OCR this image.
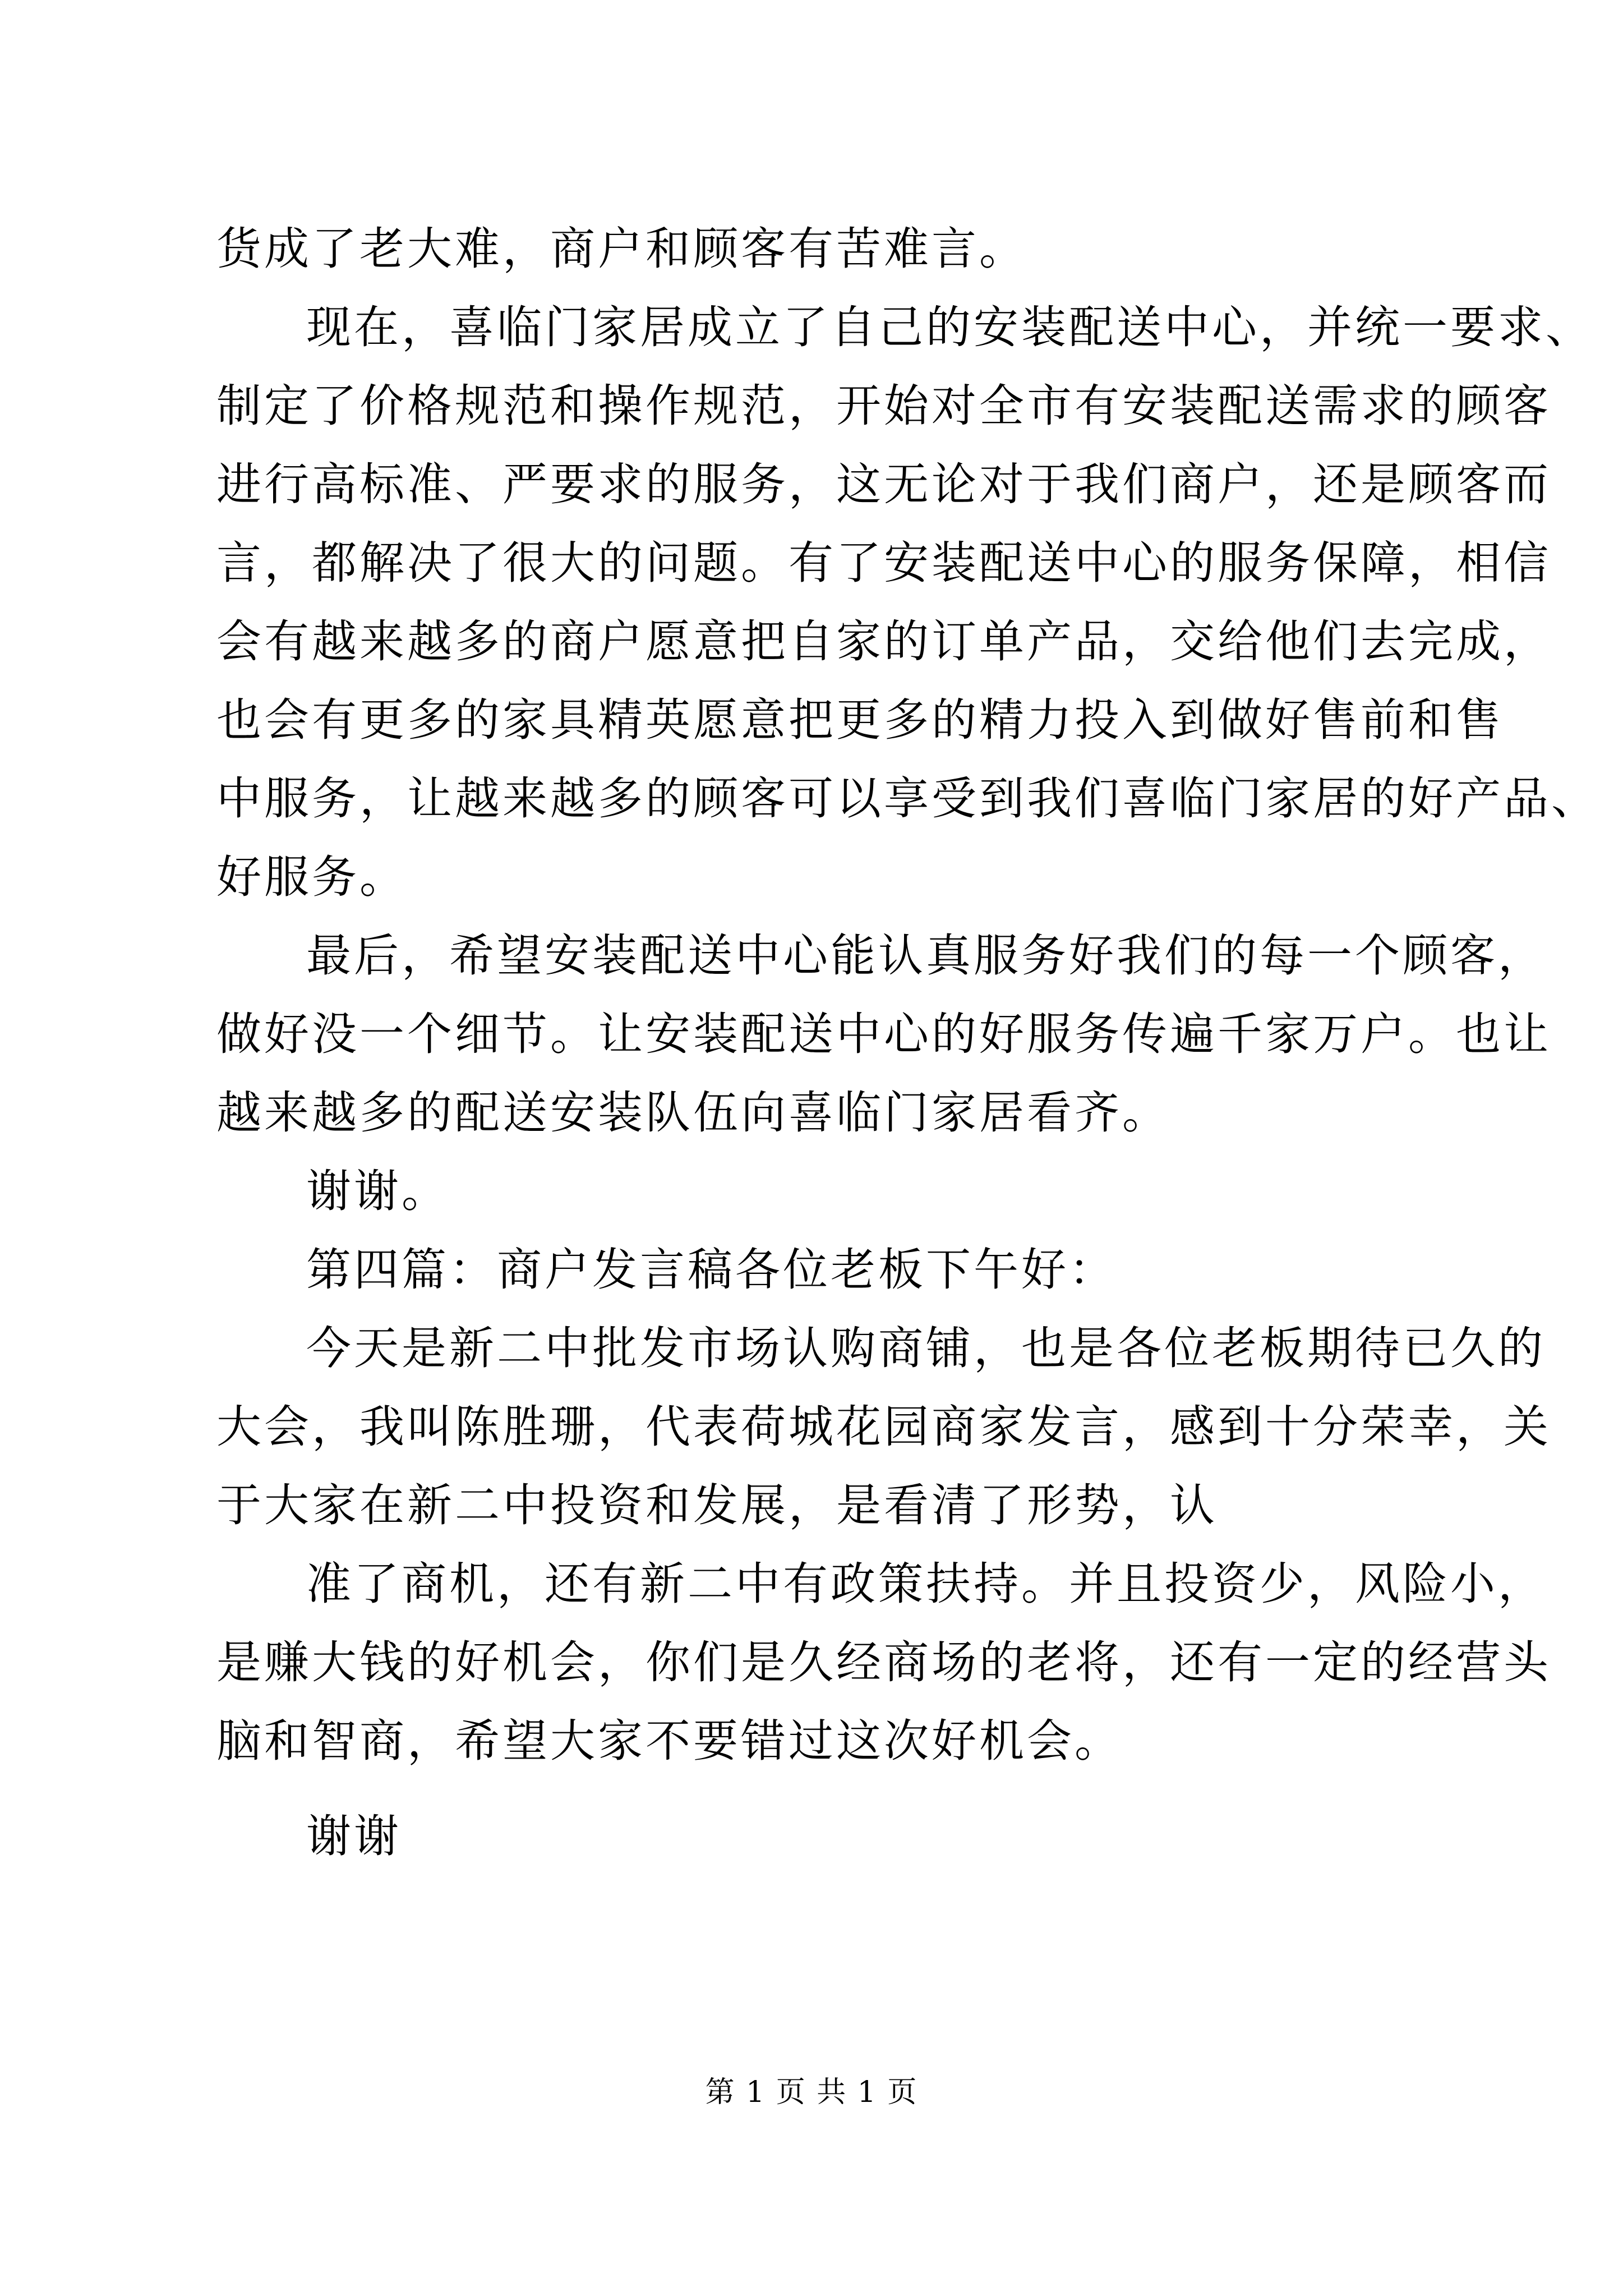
货成了老大难，商户和顾客有苦难言。
现在，喜临门家居成立了自己的安装配送中心，并统一要求、
制定了价格规范和操作规范，开始对全市有安装配送需求的顾客
进行高标准、严要求的服务，这无论对于我们商户，还是顾客而
言，都解决了很大的问题。有了安装配送中心的服务保障，相信
会有越来越多的商户愿意把自家的订单产品，交给他们去完成，
也会有更多的家具精英愿意把更多的精力投入到做好售前和售
中服务，让越来越多的顾客可以享受到我们喜临门家居的好产品、
好服务。
最后，希望安装配送中心能认真服务好我们的每一个顾客，
做好没一个细节。让安装配送中心的好服务传遍千家万户。也让
越来越多的配送安装队伍向喜临门家居看齐。
谢谢。
第四篇：商户发言稿各位老板下午好：
今天是新二中批发市场认购商铺，也是各位老板期待已久的
大会，我叫陈胜珊，代表荷城花园商家发言，感到十分荣幸，关
于大家在新二中投资和发展，是看清了形势，认
准了商机，还有新二中有政策扶持。并且投资少，风险小，
是赚大钱的好机会，你们是久经商场的老将，还有一定的经营头
脑和智商，希望大家不要错过这次好机会。
谢谢
第 1 页 共 1 页
